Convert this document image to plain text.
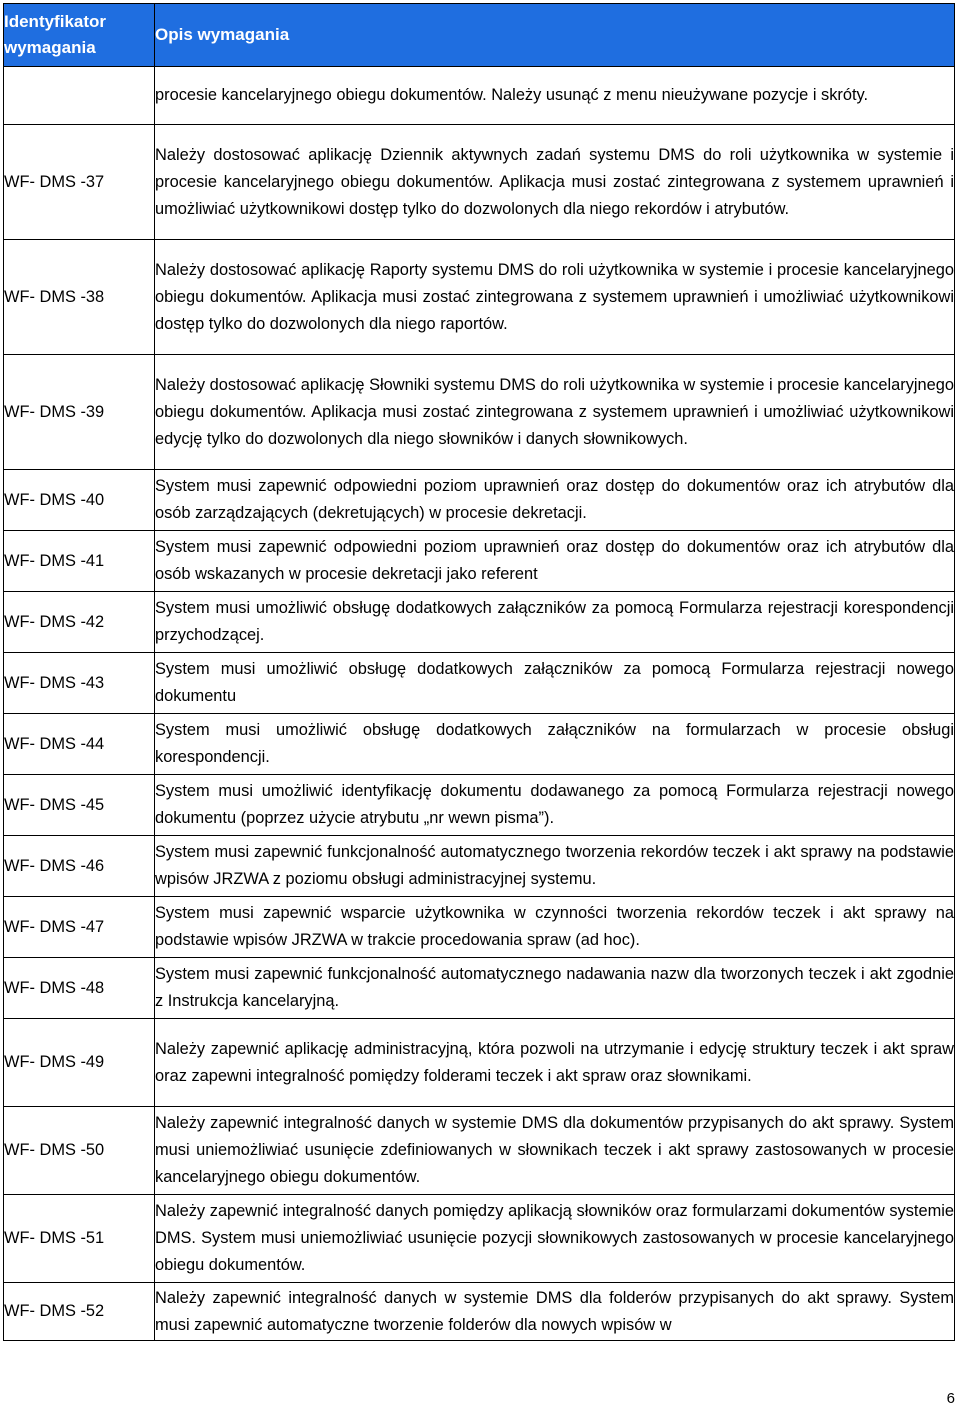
Identyfikator wymagania	Opis wymagania
	procesie kancelaryjnego obiegu dokumentów. Należy usunąć z menu nieużywane pozycje i skróty.
WF- DMS -37	Należy dostosować aplikację Dziennik aktywnych zadań systemu DMS do roli użytkownika w systemie i procesie kancelaryjnego obiegu dokumentów. Aplikacja musi zostać zintegrowana z systemem uprawnień i umożliwiać użytkownikowi dostęp tylko do dozwolonych dla niego rekordów i atrybutów.
WF- DMS -38	Należy dostosować aplikację Raporty systemu DMS do roli użytkownika w systemie i procesie kancelaryjnego obiegu dokumentów. Aplikacja musi zostać zintegrowana z systemem uprawnień i umożliwiać użytkownikowi dostęp tylko do dozwolonych dla niego raportów.
WF- DMS -39	Należy dostosować aplikację Słowniki systemu DMS do roli użytkownika w systemie i procesie kancelaryjnego obiegu dokumentów. Aplikacja musi zostać zintegrowana z systemem uprawnień i umożliwiać użytkownikowi edycję tylko do dozwolonych dla niego słowników i danych słownikowych.
WF- DMS -40	System musi zapewnić odpowiedni poziom uprawnień oraz dostęp do dokumentów oraz ich atrybutów dla osób zarządzających (dekretujących) w procesie dekretacji.
WF- DMS -41	System musi zapewnić odpowiedni poziom uprawnień oraz dostęp do dokumentów oraz ich atrybutów dla osób wskazanych w procesie dekretacji jako referent
WF- DMS -42	System musi umożliwić obsługę dodatkowych załączników za pomocą Formularza rejestracji korespondencji przychodzącej.
WF- DMS -43	System musi umożliwić obsługę dodatkowych załączników za pomocą Formularza rejestracji nowego dokumentu
WF- DMS -44	System musi umożliwić obsługę dodatkowych załączników na formularzach w procesie obsługi korespondencji.
WF- DMS -45	System musi umożliwić identyfikację dokumentu dodawanego za pomocą Formularza rejestracji nowego dokumentu (poprzez użycie atrybutu „nr wewn pisma”).
WF- DMS -46	System musi zapewnić funkcjonalność automatycznego tworzenia rekordów teczek i akt sprawy na podstawie wpisów JRZWA z poziomu obsługi administracyjnej systemu.
WF- DMS -47	System musi zapewnić wsparcie użytkownika w czynności tworzenia rekordów teczek i akt sprawy na podstawie wpisów JRZWA w trakcie procedowania spraw (ad hoc).
WF- DMS -48	System musi zapewnić funkcjonalność automatycznego nadawania nazw dla tworzonych teczek i akt zgodnie z Instrukcja kancelaryjną.
WF- DMS -49	Należy zapewnić aplikację administracyjną, która pozwoli na utrzymanie i edycję struktury teczek i akt spraw oraz zapewni integralność pomiędzy folderami teczek i akt spraw oraz słownikami.
WF- DMS -50	Należy zapewnić integralność danych w systemie DMS dla dokumentów przypisanych do akt sprawy. System musi uniemożliwiać usunięcie zdefiniowanych w słownikach teczek i akt sprawy zastosowanych w procesie kancelaryjnego obiegu dokumentów.
WF- DMS -51	Należy zapewnić integralność danych pomiędzy aplikacją słowników oraz formularzami dokumentów systemie DMS. System musi uniemożliwiać usunięcie pozycji słownikowych zastosowanych w procesie kancelaryjnego obiegu dokumentów.
WF- DMS -52	Należy zapewnić integralność danych w systemie DMS dla folderów przypisanych do akt sprawy. System musi zapewnić automatyczne tworzenie folderów dla nowych wpisów w
6
